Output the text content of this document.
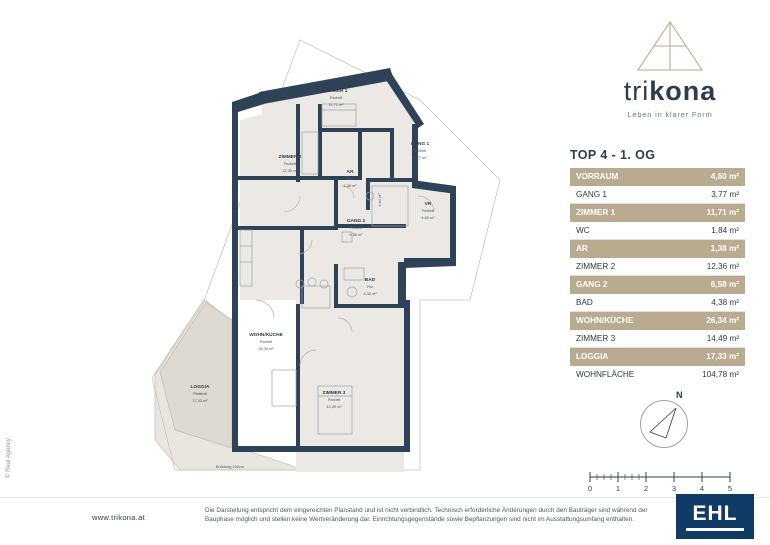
ZIMMER 1
Parkett
11,71 m²
ZIMMER 2
Parkett
12,36 m²
GANG 1
Parkett
3,77 m²
AR
Fliz
1,38 m²
1,84 m²	VR
Parkett
4,60 m²
GANG 2
Parkett
6,58 m²
BAD
Fliz
4,38 m²
WOHN/KÜCHE
Parkett
26,34 m²
ZIMMER 3
Parkett
14,49 m²
LOGGIA
Plattenti
17,33 m²
Brüstung 100cm
trikona
Leben in klarer Form
TOP 4 - 1. OG
VORRAUM	4,60 m²
GANG 1	3,77 m²
ZIMMER 1	11,71 m²
WC	1,84 m²
AR	1,38 m²
ZIMMER 2	12,36 m²
GANG 2	6,58 m²
BAD	4,38 m²
WOHN/KÜCHE	26,34 m²
ZIMMER 3	14,49 m²
LOGGIA	17,33 m²
WOHNFLÄCHE	104,78 m²
N
0	1	2	3	4	5
www.trikona.at
Die Darstellung entspricht dem eingereichten Planstand und ist nicht verbindlich. Technisch erforderliche Änderungen durch den Bauträger sind während der Bauphase möglich und stellen keine Wertveränderung dar. Einrichtungsgegenstände sowie Bepflanzungen sind nicht im Ausstattungsumfang enthalten.
© Real Agency
EHL
